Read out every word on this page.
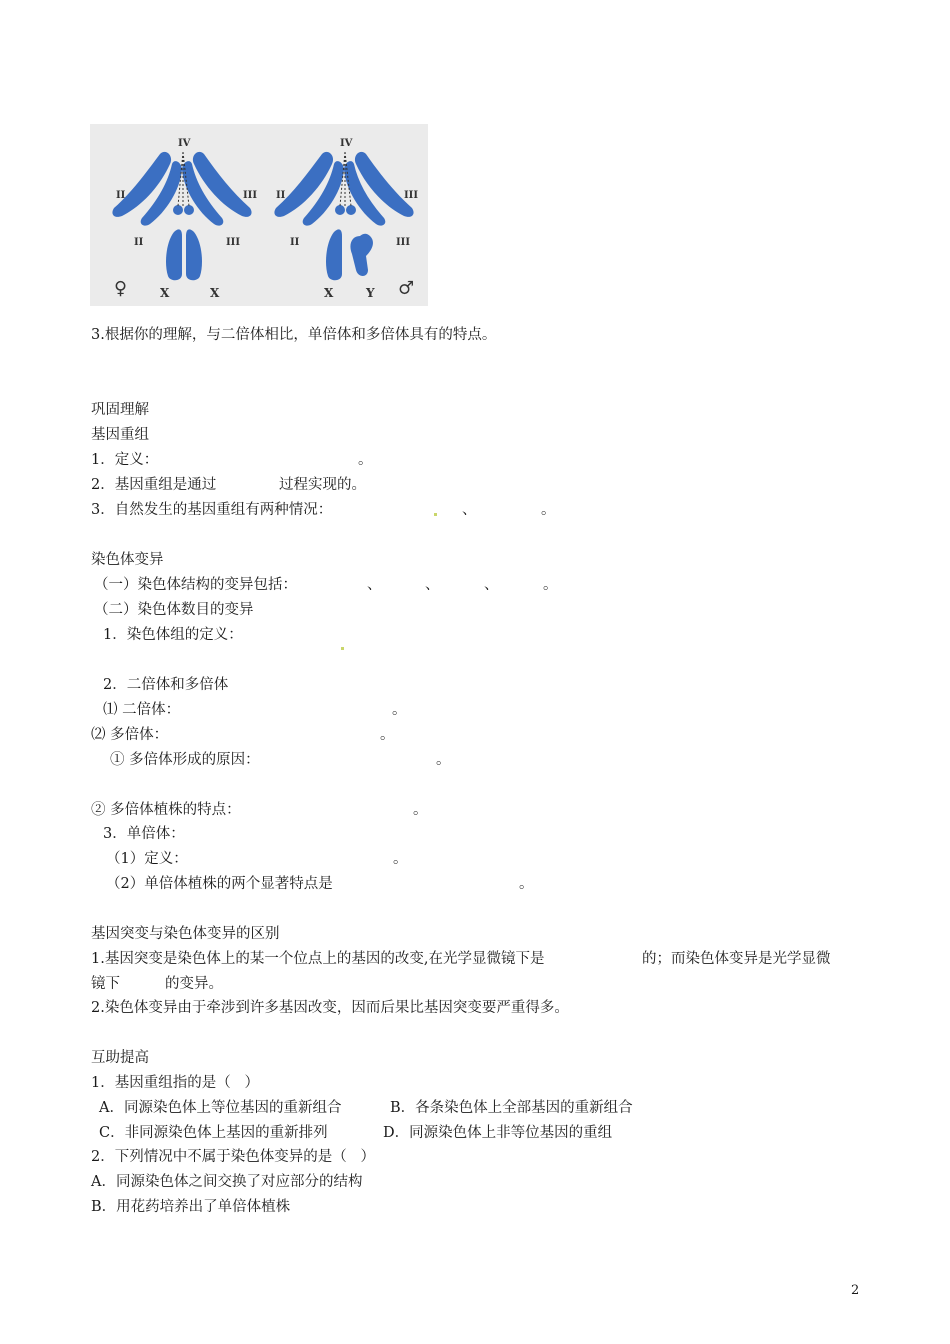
IV
II	III
II	III
X	X
♀
IV
II	III
II	III
X	Y ♂
3.根据你的理解，与二倍体相比，单倍体和多倍体具有的特点。
巩固理解
基因重组
1．定义：	。
2．基因重组是通过	过程实现的。
3．自然发生的基因重组有两种情况：	、	。
染色体变异
（一）染色体结构的变异包括：	、	、	、	。
（二）染色体数目的变异
1．染色体组的定义：
2．二倍体和多倍体
⑴ 二倍体：	。
⑵ 多倍体：	。
① 多倍体形成的原因：	。
② 多倍体植株的特点：	。
3．单倍体：
（1）定义：	。
（2）单倍体植株的两个显著特点是	。
基因突变与染色体变异的区别
1.基因突变是染色体上的某一个位点上的基因的改变,在光学显微镜下是	的；而染色体变异是光学显微
镜下	的变异。
2.染色体变异由于牵涉到许多基因改变，因而后果比基因突变要严重得多。
互助提高
1．基因重组指的是（   ）
A．同源染色体上等位基因的重新组合	B．各条染色体上全部基因的重新组合
C．非同源染色体上基因的重新排列	D．同源染色体上非等位基因的重组
2．下列情况中不属于染色体变异的是（   ）
A．同源染色体之间交换了对应部分的结构
B．用花药培养出了单倍体植株
2
